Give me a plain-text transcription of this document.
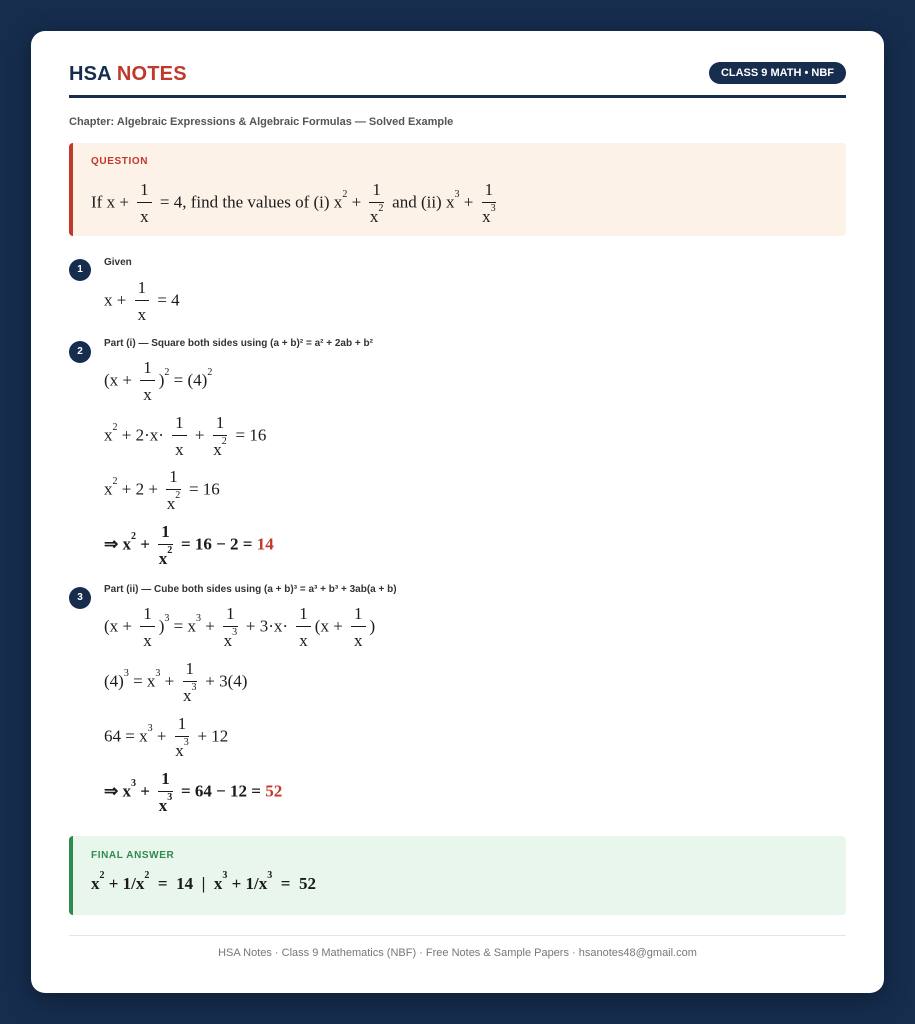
HSA NOTES	CLASS 9 MATH • NBF
Chapter: Algebraic Expressions & Algebraic Formulas — Solved Example
QUESTION
If $x + \frac{1}{x} = 4$, find the values of (i) $x^2 + \frac{1}{x^2}$ and (ii) $x^3 + \frac{1}{x^3}$
1
Given
$x + \frac{1}{x} = 4$
2
Part (i) — Square both sides using (a + b)² = a² + 2ab + b²
$(x + \frac{1}{x} )^2 = (4)^2$
$x^2 + 2\cdot x\cdot \frac{1}{x} + \frac{1}{x^2} = 16$
$x^2 + 2 + \frac{1}{x^2} = 16$
⇒ $x^2 + \frac{1}{x^2} = 16 - 2 = 14$
3
Part (ii) — Cube both sides using (a + b)³ = a³ + b³ + 3ab(a + b)
$(x + \frac{1}{x} )^3 = x^3 + \frac{1}{x^3} + 3\cdot x\cdot \frac{1}{x} (x + \frac{1}{x}$ )
$(4)^3 = x^3 + \frac{1}{x^3} + 3(4)$
$64 = x^3 + \frac{1}{x^3} + 12$
⇒ $x^3 + \frac{1}{x^3} = 64 - 12 = 52$
FINAL ANSWER
$x^2 + 1/x^2 = 14$  |  $x^3 + 1/x^3 = 52$
HSA Notes · Class 9 Mathematics (NBF) · Free Notes & Sample Papers · hsanotes48@gmail.com
